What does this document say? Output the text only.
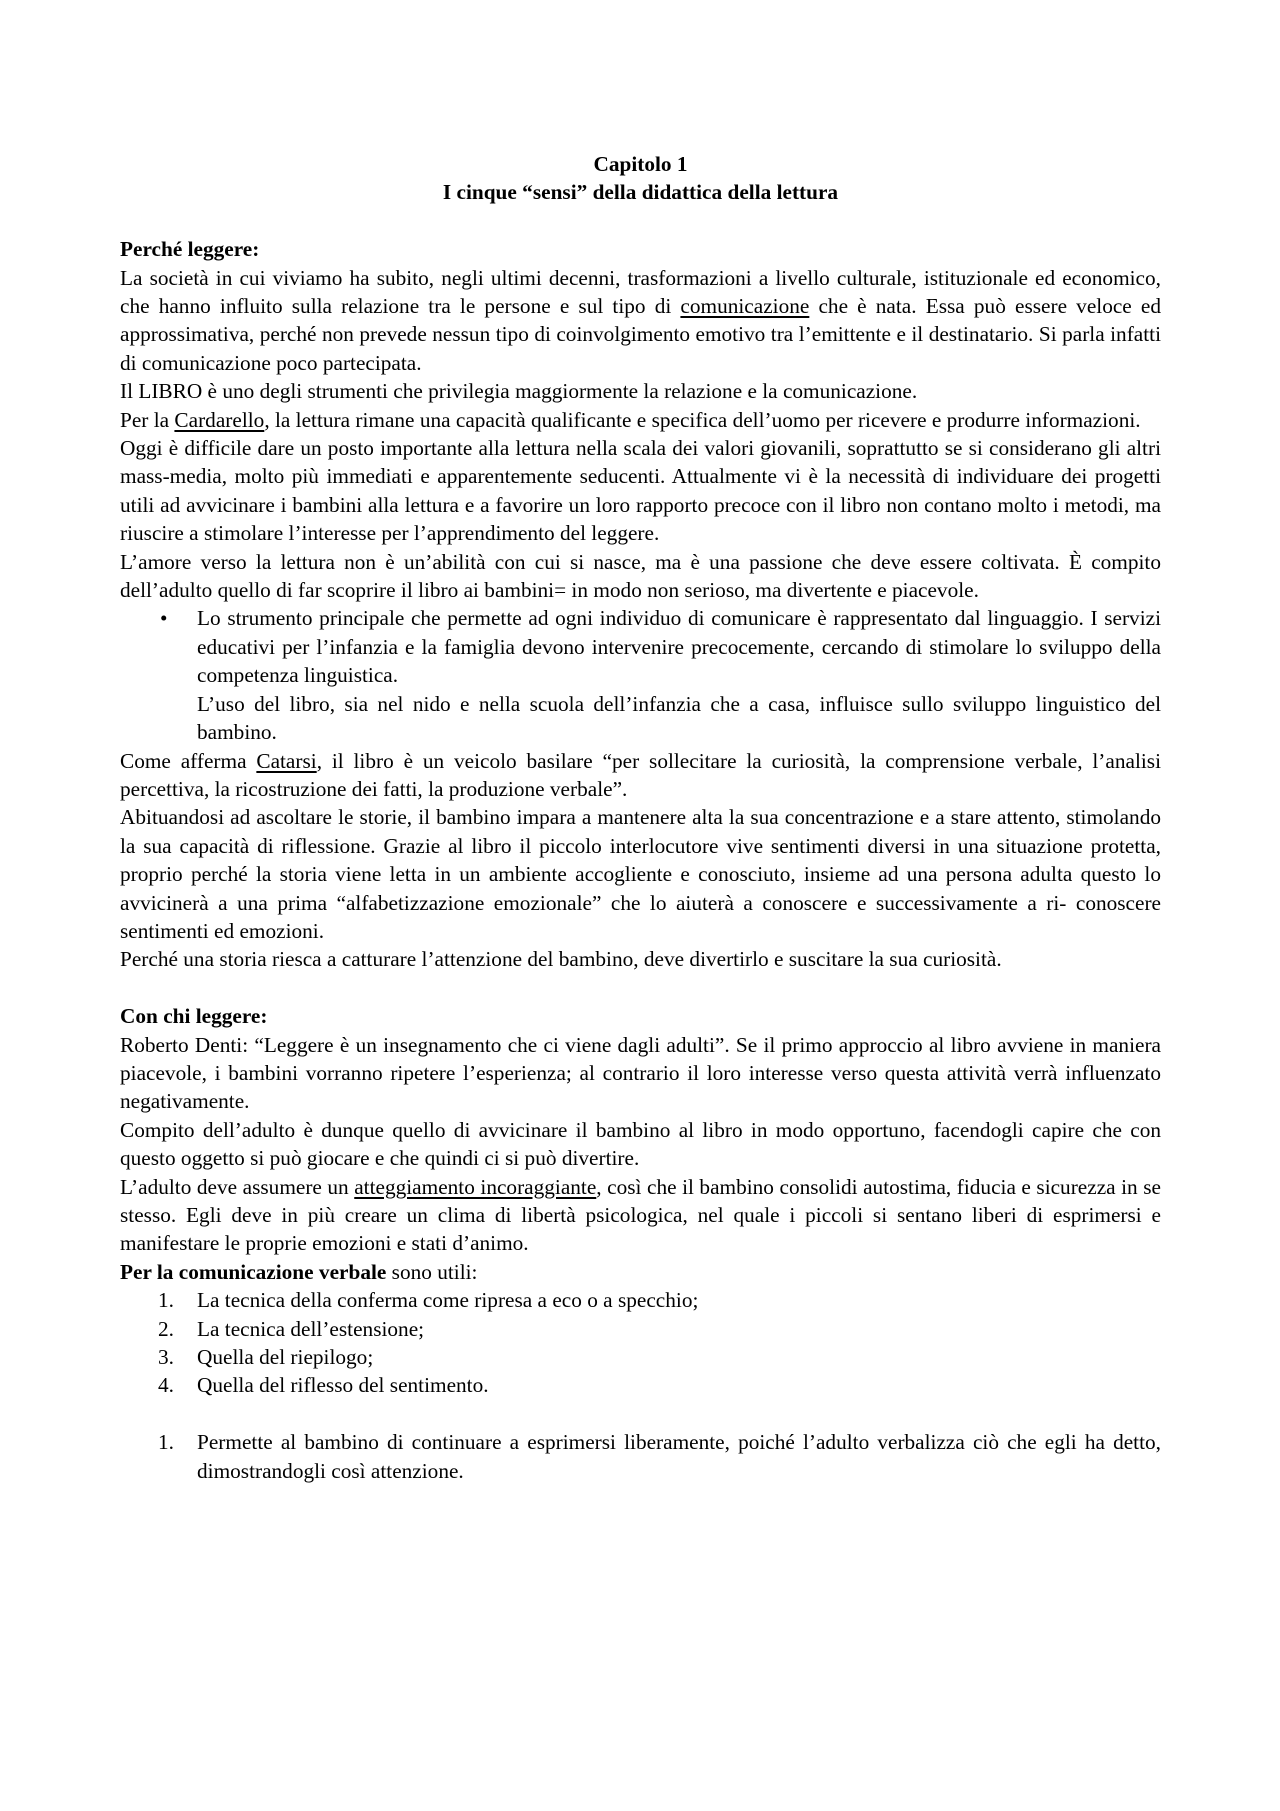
Capitolo 1
I cinque “sensi” della didattica della lettura
Perché leggere:

La società in cui viviamo ha subito, negli ultimi decenni, trasformazioni a livello culturale, istituzionale ed economico, che hanno influito sulla relazione tra le persone e sul tipo di comunicazione che è nata. Essa può essere veloce ed approssimativa, perché non prevede nessun tipo di coinvolgimento emotivo tra l’emittente e il destinatario. Si parla infatti di comunicazione poco partecipata.

Il LIBRO è uno degli strumenti che privilegia maggiormente la relazione e la comunicazione.

Per la Cardarello, la lettura rimane una capacità qualificante e specifica dell’uomo per ricevere e produrre informazioni.

Oggi è difficile dare un posto importante alla lettura nella scala dei valori giovanili, soprattutto se si considerano gli altri mass-media, molto più immediati e apparentemente seducenti. Attualmente vi è la necessità di individuare dei progetti utili ad avvicinare i bambini alla lettura e a favorire un loro rapporto precoce con il libro non contano molto i metodi, ma riuscire a stimolare l’interesse per l’apprendimento del leggere.

L’amore verso la lettura non è un’abilità con cui si nasce, ma è una passione che deve essere coltivata. È compito dell’adulto quello di far scoprire il libro ai bambini= in modo non serioso, ma divertente e piacevole.

• Lo strumento principale che permette ad ogni individuo di comunicare è rappresentato dal linguaggio. I servizi educativi per l’infanzia e la famiglia devono intervenire precocemente, cercando di stimolare lo sviluppo della competenza linguistica.

L’uso del libro, sia nel nido e nella scuola dell’infanzia che a casa, influisce sullo sviluppo linguistico del bambino.

Come afferma Catarsi, il libro è un veicolo basilare “per sollecitare la curiosità, la comprensione verbale, l’analisi percettiva, la ricostruzione dei fatti, la produzione verbale”.

Abituandosi ad ascoltare le storie, il bambino impara a mantenere alta la sua concentrazione e a stare attento, stimolando la sua capacità di riflessione. Grazie al libro il piccolo interlocutore vive sentimenti diversi in una situazione protetta, proprio perché la storia viene letta in un ambiente accogliente e conosciuto, insieme ad una persona adulta questo lo avvicinerà a una prima “alfabetizzazione emozionale” che lo aiuterà a conoscere e successivamente a ri- conoscere sentimenti ed emozioni.

Perché una storia riesca a catturare l’attenzione del bambino, deve divertirlo e suscitare la sua curiosità.

Con chi leggere:

Roberto Denti: “Leggere è un insegnamento che ci viene dagli adulti”. Se il primo approccio al libro avviene in maniera piacevole, i bambini vorranno ripetere l’esperienza; al contrario il loro interesse verso questa attività verrà influenzato negativamente.

Compito dell’adulto è dunque quello di avvicinare il bambino al libro in modo opportuno, facendogli capire che con questo oggetto si può giocare e che quindi ci si può divertire.

L’adulto deve assumere un atteggiamento incoraggiante, così che il bambino consolidi autostima, fiducia e sicurezza in se stesso. Egli deve in più creare un clima di libertà psicologica, nel quale i piccoli si sentano liberi di esprimersi e manifestare le proprie emozioni e stati d’animo.

Per la comunicazione verbale sono utili:

1. La tecnica della conferma come ripresa a eco o a specchio;
2. La tecnica dell’estensione;
3. Quella del riepilogo;
4. Quella del riflesso del sentimento.
1. Permette al bambino di continuare a esprimersi liberamente, poiché l’adulto verbalizza ciò che egli ha detto, dimostrandogli così attenzione.
